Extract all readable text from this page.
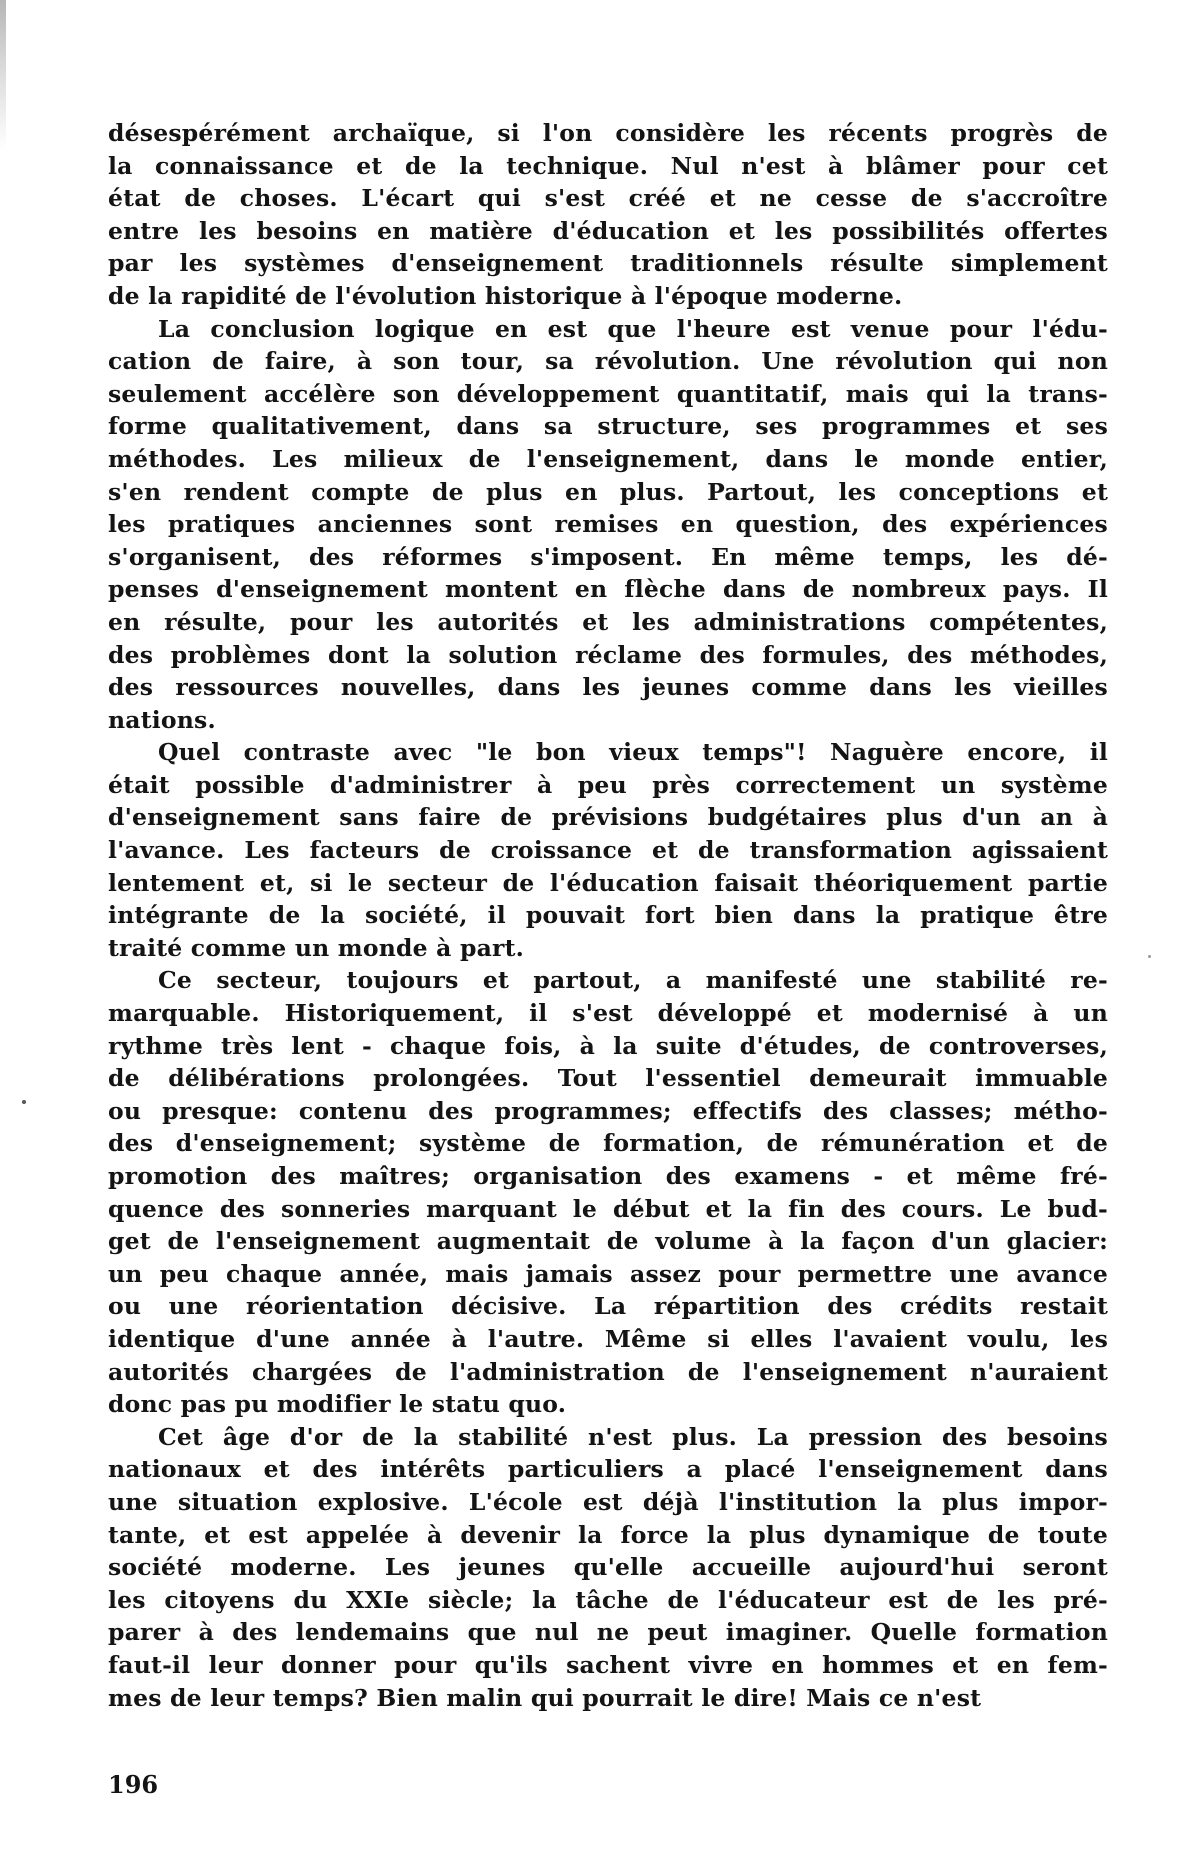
désespérément archaïque, si l'on considère les récents progrès de
la connaissance et de la technique. Nul n'est à blâmer pour cet
état de choses. L'écart qui s'est créé et ne cesse de s'accroître
entre les besoins en matière d'éducation et les possibilités offertes
par les systèmes d'enseignement traditionnels résulte simplement
de la rapidité de l'évolution historique à l'époque moderne.
La conclusion logique en est que l'heure est venue pour l'édu-
cation de faire, à son tour, sa révolution. Une révolution qui non
seulement accélère son développement quantitatif, mais qui la trans-
forme qualitativement, dans sa structure, ses programmes et ses
méthodes. Les milieux de l'enseignement, dans le monde entier,
s'en rendent compte de plus en plus. Partout, les conceptions et
les pratiques anciennes sont remises en question, des expériences
s'organisent, des réformes s'imposent. En même temps, les dé-
penses d'enseignement montent en flèche dans de nombreux pays. Il
en résulte, pour les autorités et les administrations compétentes,
des problèmes dont la solution réclame des formules, des méthodes,
des ressources nouvelles, dans les jeunes comme dans les vieilles
nations.
Quel contraste avec "le bon vieux temps"! Naguère encore, il
était possible d'administrer à peu près correctement un système
d'enseignement sans faire de prévisions budgétaires plus d'un an à
l'avance. Les facteurs de croissance et de transformation agissaient
lentement et, si le secteur de l'éducation faisait théoriquement partie
intégrante de la société, il pouvait fort bien dans la pratique être
traité comme un monde à part.
Ce secteur, toujours et partout, a manifesté une stabilité re-
marquable. Historiquement, il s'est développé et modernisé à un
rythme très lent - chaque fois, à la suite d'études, de controverses,
de délibérations prolongées. Tout l'essentiel demeurait immuable
ou presque: contenu des programmes; effectifs des classes; métho-
des d'enseignement; système de formation, de rémunération et de
promotion des maîtres; organisation des examens - et même fré-
quence des sonneries marquant le début et la fin des cours. Le bud-
get de l'enseignement augmentait de volume à la façon d'un glacier:
un peu chaque année, mais jamais assez pour permettre une avance
ou une réorientation décisive. La répartition des crédits restait
identique d'une année à l'autre. Même si elles l'avaient voulu, les
autorités chargées de l'administration de l'enseignement n'auraient
donc pas pu modifier le statu quo.
Cet âge d'or de la stabilité n'est plus. La pression des besoins
nationaux et des intérêts particuliers a placé l'enseignement dans
une situation explosive. L'école est déjà l'institution la plus impor-
tante, et est appelée à devenir la force la plus dynamique de toute
société moderne. Les jeunes qu'elle accueille aujourd'hui seront
les citoyens du XXIe siècle; la tâche de l'éducateur est de les pré-
parer à des lendemains que nul ne peut imaginer. Quelle formation
faut-il leur donner pour qu'ils sachent vivre en hommes et en fem-
mes de leur temps? Bien malin qui pourrait le dire! Mais ce n'est
196
